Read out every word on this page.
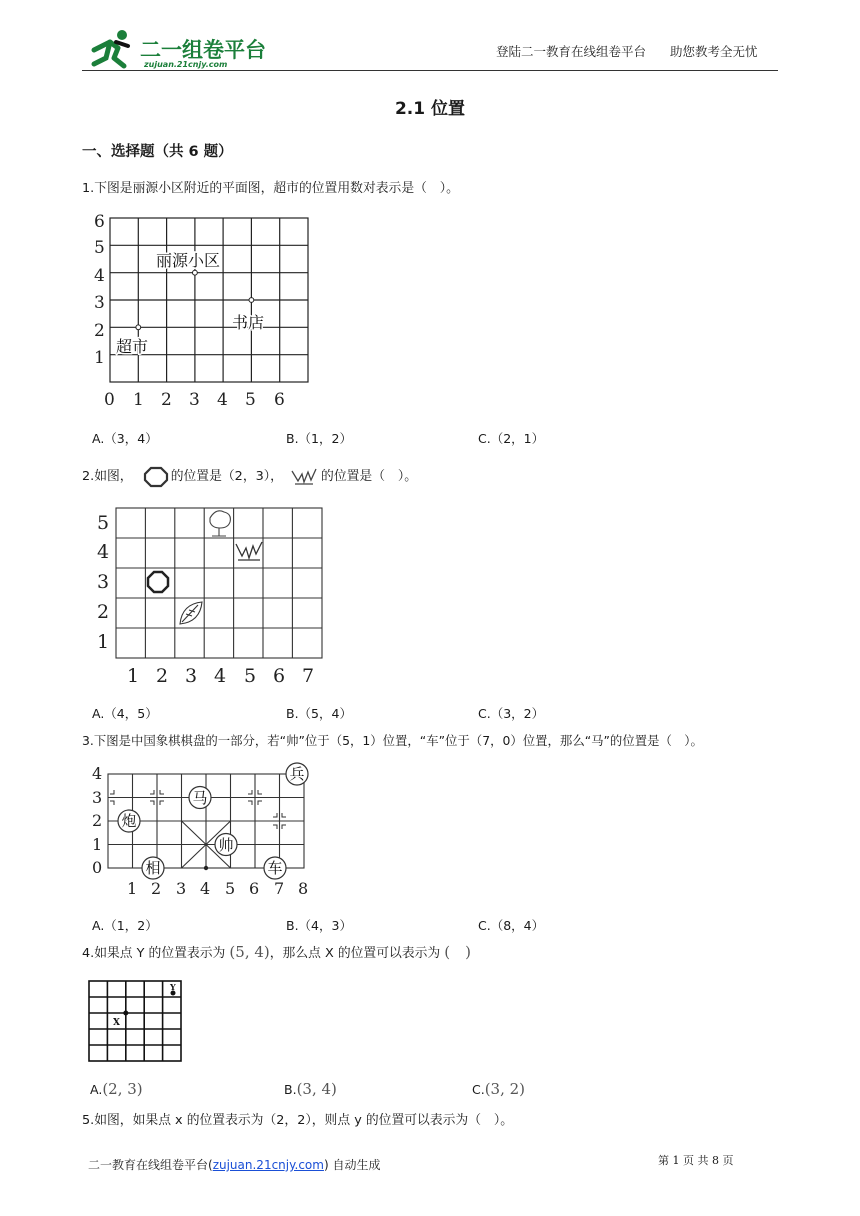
二一组卷平台
zujuan.21cnjy.com
登陆二一教育在线组卷平台 助您教考全无忧
2.1 位置
一、选择题（共 6 题）
1.下图是丽源小区附近的平面图，超市的位置用数对表示是（　）。
6
5
4
3
2
1
0 1 2 3 4 5 6
丽源小区
书店
超市
A.（3，4）	B.（1，2）	C.（2，1）
2.如图，	的位置是（2，3），	的位置是（　）。
5
4
3
2
1
1 2 3 4 5 6 7
A.（4，5）	B.（5，4）	C.（3，2）
3.下图是中国象棋棋盘的一部分，若“帅”位于（5，1）位置，“车”位于（7，0）位置，那么“马”的位置是（　）。
4
3
2
1
0
1 2 3 4 5 6 7 8
兵
马
炮
帅
相	车
A.（1，2）	B.（4，3）	C.（8，4）
4.如果点 Y 的位置表示为 (5, 4)，那么点 X 的位置可以表示为 (　)
Y
X
A.(2, 3)	B.(3, 4)	C.(3, 2)
5.如图，如果点 x 的位置表示为（2，2），则点 y 的位置可以表示为（　）。
二一教育在线组卷平台(zujuan.21cnjy.com) 自动生成	第 1 页 共 8 页
